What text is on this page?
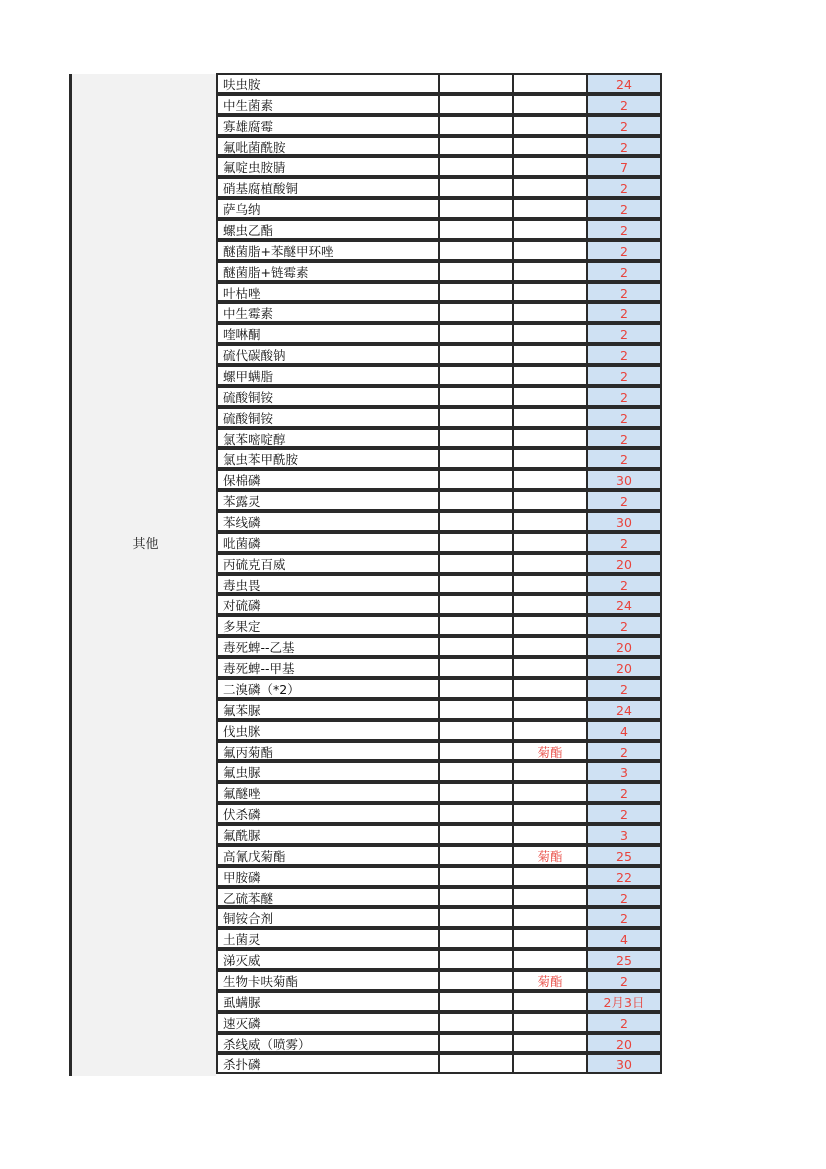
其他
呋虫胺	24
中生菌素	2
寡雄腐霉	2
氟吡菌酰胺	2
氟啶虫胺腈	7
硝基腐植酸铜	2
萨乌纳	2
螺虫乙酯	2
醚菌脂+苯醚甲环唑	2
醚菌脂+链霉素	2
叶枯唑	2
中生霉素	2
喹啉酮	2
硫代碳酸钠	2
螺甲螨脂	2
硫酸铜铵	2
硫酸铜铵	2
氯苯嘧啶醇	2
氯虫苯甲酰胺	2
保棉磷	30
苯露灵	2
苯线磷	30
吡菌磷	2
丙硫克百威	20
毒虫畏	2
对硫磷	24
多果定	2
毒死蜱--乙基	20
毒死蜱--甲基	20
二溴磷（*2）	2
氟苯脲	24
伐虫脒	4
氟丙菊酯	菊酯	2
氟虫脲	3
氟醚唑	2
伏杀磷	2
氟酰脲	3
高氰戊菊酯	菊酯	25
甲胺磷	22
乙硫苯醚	2
铜铵合剂	2
土菌灵	4
涕灭威	25
生物卡呋菊酯	菊酯	2
虱螨脲	2月3日
速灭磷	2
杀线威（喷雾）	20
杀扑磷	30
